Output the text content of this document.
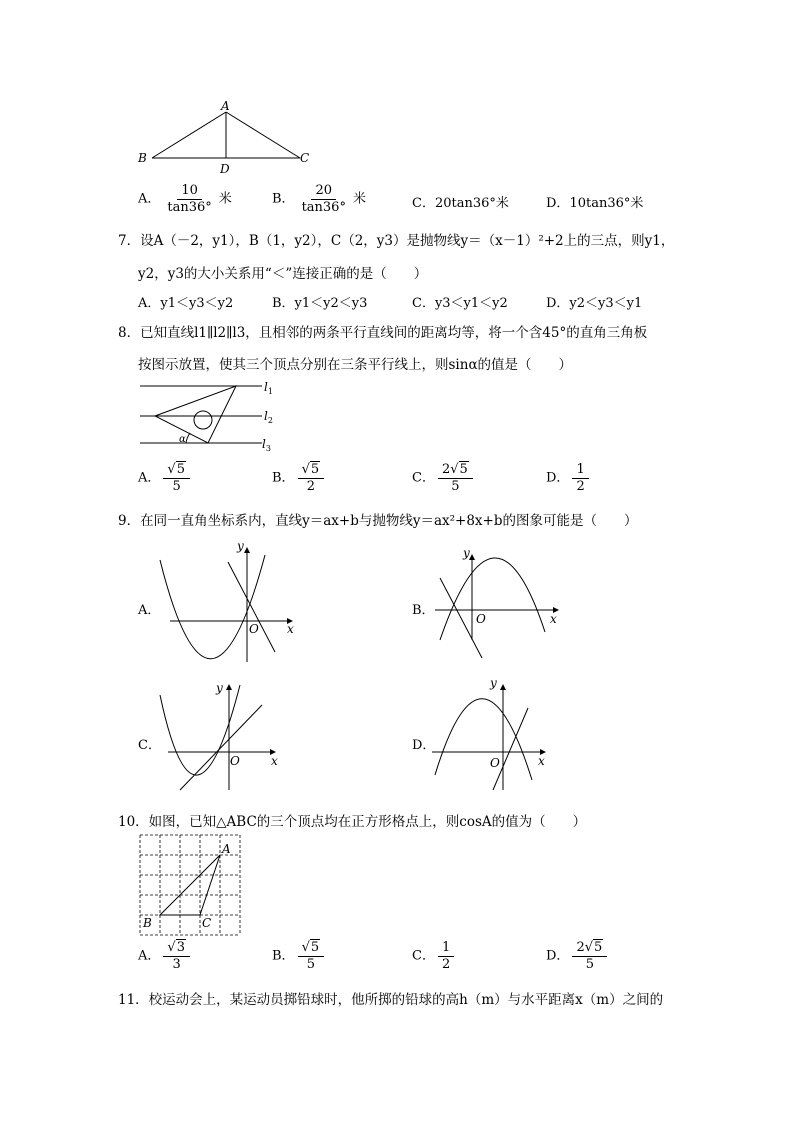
A
B	C
D
A． $\frac{10}{\tan 36^\circ}$ 米	B． $\frac{20}{\tan 36^\circ}$ 米	C．20tan36°米	D．10tan36°米
7．设A（－2，y1），B（1，y2），C（2，y3）是抛物线y＝（x－1）²+2上的三点，则y1，
y2，y3的大小关系用“＜”连接正确的是（　　）
A．y1＜y3＜y2	B．y1＜y2＜y3	C．y3＜y1＜y2	D．y2＜y3＜y1
8．已知直线l1∥l2∥l3，且相邻的两条平行直线间的距离均等，将一个含45°的直角三角板
按图示放置，使其三个顶点分别在三条平行线上，则sinα的值是（　　）
α
$l_1$
$l_2$
$l_3$
A． $\frac{√5}{5}$	B． $\frac{√5}{2}$	C． $\frac{2√5}{5}$	D． $\frac{1}{2}$
9．在同一直角坐标系内，直线y＝ax+b与抛物线y＝ax²+8x+b的图象可能是（　　）
A．	B．
C．	D．
x
y
O
x
y
O
x
y
O	x
y
O
10．如图，已知△ABC的三个顶点均在正方形格点上，则cosA的值为（　　）
A
B	C
A． $\frac{√3}{3}$	B． $\frac{√5}{5}$	C． $\frac{1}{2}$	D． $\frac{2√5}{5}$
11．校运动会上，某运动员掷铅球时，他所掷的铅球的高h（m）与水平距离x（m）之间的
